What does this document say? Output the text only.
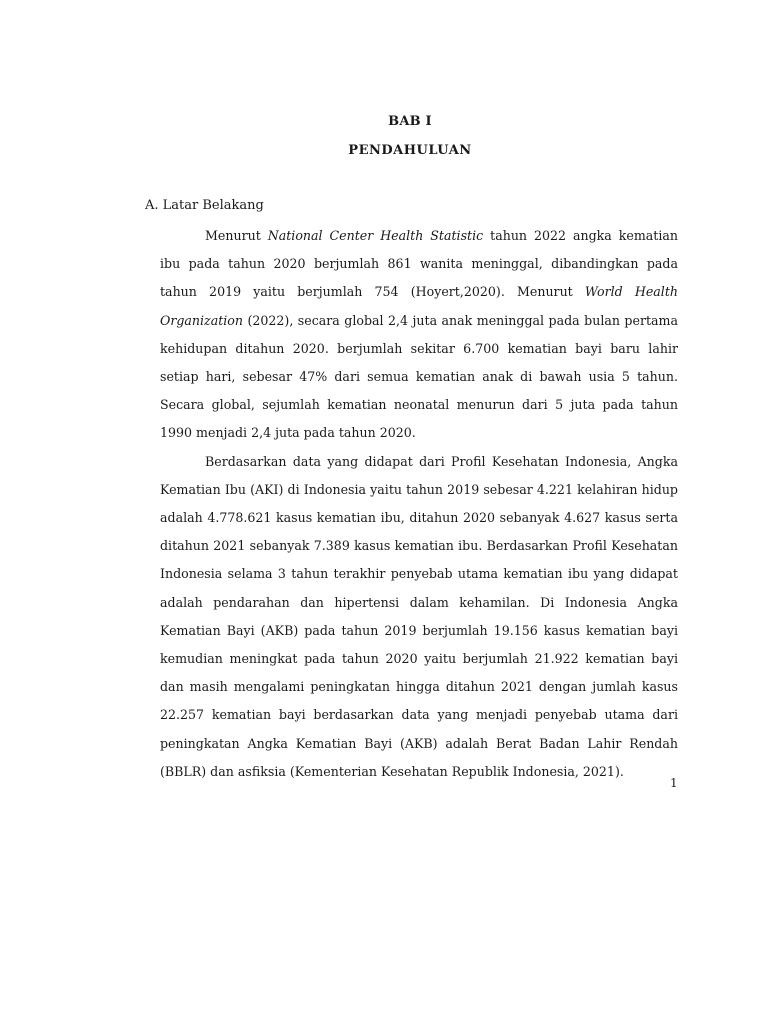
BAB I
PENDAHULUAN
A. Latar Belakang

Menurut National Center Health Statistic tahun 2022 angka kematian ibu pada tahun 2020 berjumlah 861 wanita meninggal, dibandingkan pada tahun 2019 yaitu berjumlah 754 (Hoyert,2020). Menurut World Health Organization (2022), secara global 2,4 juta anak meninggal pada bulan pertama kehidupan ditahun 2020. berjumlah sekitar 6.700 kematian bayi baru lahir setiap hari, sebesar 47% dari semua kematian anak di bawah usia 5 tahun. Secara global, sejumlah kematian neonatal menurun dari 5 juta pada tahun 1990 menjadi 2,4 juta pada tahun 2020.

Berdasarkan data yang didapat dari Profil Kesehatan Indonesia, Angka Kematian Ibu (AKI) di Indonesia yaitu tahun 2019 sebesar 4.221 kelahiran hidup adalah 4.778.621 kasus kematian ibu, ditahun 2020 sebanyak 4.627 kasus serta ditahun 2021 sebanyak 7.389 kasus kematian ibu. Berdasarkan Profil Kesehatan Indonesia selama 3 tahun terakhir penyebab utama kematian ibu yang didapat adalah pendarahan dan hipertensi dalam kehamilan. Di Indonesia Angka Kematian Bayi (AKB) pada tahun 2019 berjumlah 19.156 kasus kematian bayi kemudian meningkat pada tahun 2020 yaitu berjumlah 21.922 kematian bayi dan masih mengalami peningkatan hingga ditahun 2021 dengan jumlah kasus 22.257 kematian bayi berdasarkan data yang menjadi penyebab utama dari peningkatan Angka Kematian Bayi (AKB) adalah Berat Badan Lahir Rendah (BBLR) dan asfiksia (Kementerian Kesehatan Republik Indonesia, 2021).

1
